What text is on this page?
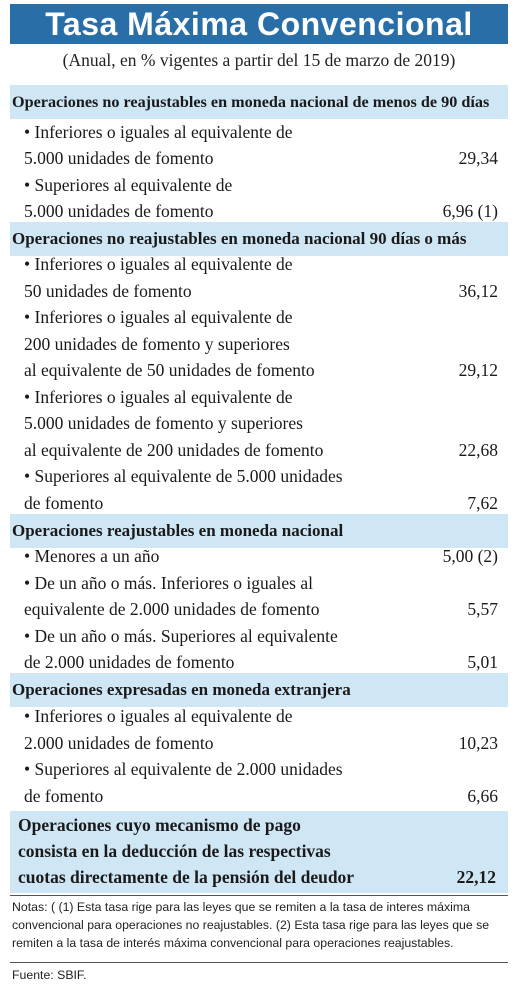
Tasa Máxima Convencional
(Anual, en % vigentes a partir del 15 de marzo de 2019)
Operaciones no reajustables en moneda nacional de menos de 90 días
• Inferiores o iguales al equivalente de
5.000 unidades de fomento	29,34
• Superiores al equivalente de
5.000 unidades de fomento	6,96 (1)
Operaciones no reajustables en moneda nacional 90 días o más
• Inferiores o iguales al equivalente de
50 unidades de fomento	36,12
• Inferiores o iguales al equivalente de
200 unidades de fomento y superiores
al equivalente de 50 unidades de fomento	29,12
• Inferiores o iguales al equivalente de
5.000 unidades de fomento y superiores
al equivalente de 200 unidades de fomento	22,68
• Superiores al equivalente de 5.000 unidades
de fomento	7,62
Operaciones reajustables en moneda nacional
• Menores a un año	5,00 (2)
• De un año o más. Inferiores o iguales al
equivalente de 2.000 unidades de fomento	5,57
• De un año o más. Superiores al equivalente
de 2.000 unidades de fomento	5,01
Operaciones expresadas en moneda extranjera
• Inferiores o iguales al equivalente de
2.000 unidades de fomento	10,23
• Superiores al equivalente de 2.000 unidades
de fomento	6,66
Operaciones cuyo mecanismo de pago
consista en la deducción de las respectivas
cuotas directamente de la pensión del deudor	22,12
Notas: ( (1) Esta tasa rige para las leyes que se remiten a la tasa de interes máxima convencional para operaciones no reajustables. (2) Esta tasa rige para las leyes que se remiten a la tasa de interés máxima convencional para operaciones reajustables.
Fuente: SBIF.
